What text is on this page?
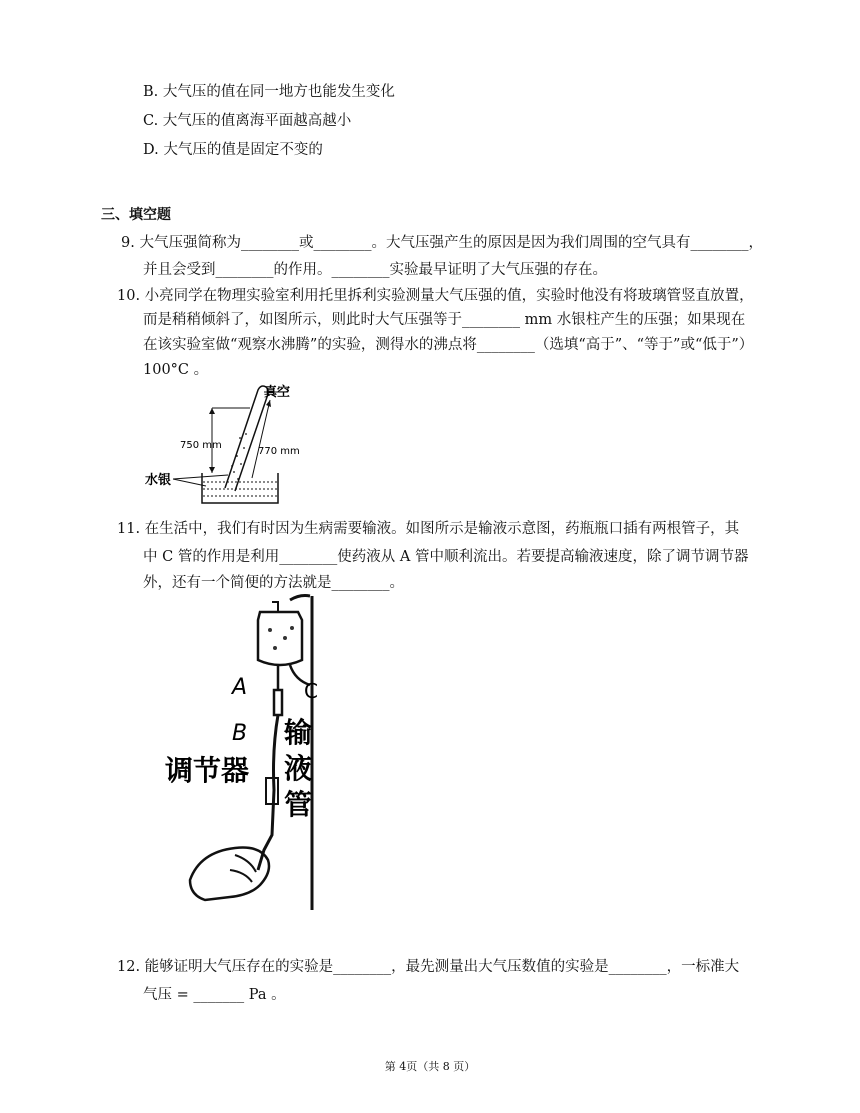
B. 大气压的值在同一地方也能发生变化
C. 大气压的值离海平面越高越小
D. 大气压的值是固定不变的
三、填空题
9. 大气压强简称为________或________。大气压强产生的原因是因为我们周围的空气具有________，
并且会受到________的作用。________实验最早证明了大气压强的存在。
10. 小亮同学在物理实验室利用托里拆利实验测量大气压强的值，实验时他没有将玻璃管竖直放置，
而是稍稍倾斜了，如图所示，则此时大气压强等于________ mm 水银柱产生的压强；如果现在
在该实验室做“观察水沸腾”的实验，测得水的沸点将________（选填“高于”、“等于”或“低于”）
100°C 。
真空
750 mm
770 mm
水银
11. 在生活中，我们有时因为生病需要输液。如图所示是输液示意图，药瓶瓶口插有两根管子，其
中 C 管的作用是利用________使药液从 A 管中顺利流出。若要提高输液速度，除了调节调节器
外，还有一个简便的方法就是________。
A
B
C
调节器
输
液
管
12. 能够证明大气压存在的实验是________，最先测量出大气压数值的实验是________，一标准大
气压 = _______ Pa 。
第 4页（共 8 页）
